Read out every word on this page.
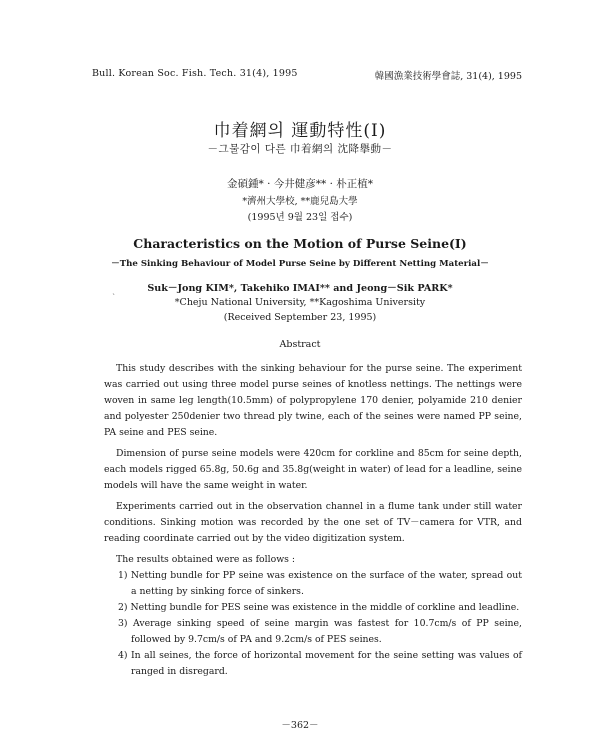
Bull. Korean Soc. Fish. Tech. 31(4), 1995	韓國漁業技術學會誌, 31(4), 1995
巾着網의 運動特性(Ⅰ)
－그물감이 다른 巾着網의 沈降擧動－
金碩鍾* · 今井健彦** · 朴正植*
*濟州大學校, **鹿兒島大學
(1995년 9월 23일 접수)
Characteristics on the Motion of Purse Seine(Ⅰ)
－The Sinking Behaviour of Model Purse Seine by Different Netting Material－
`
Suk－Jong KIM*, Takehiko IMAI** and Jeong－Sik PARK*
*Cheju National University, **Kagoshima University
(Received September 23, 1995)
Abstract

This study describes with the sinking behaviour for the purse seine. The experiment was carried out using three model purse seines of knotless nettings. The nettings were woven in same leg length(10.5mm) of polypropylene 170 denier, polyamide 210 denier and polyester 250denier two thread ply twine, each of the seines were named PP seine, PA seine and PES seine.

Dimension of purse seine models were 420cm for corkline and 85cm for seine depth, each models rigged 65.8g, 50.6g and 35.8g(weight in water) of lead for a leadline, seine models will have the same weight in water.

Experiments carried out in the observation channel in a flume tank under still water conditions. Sinking motion was recorded by the one set of TV－camera for VTR, and reading coordinate carried out by the video digitization system.

The results obtained were as follows :

1) Netting bundle for PP seine was existence on the surface of the water, spread out a netting by sinking force of sinkers.
2) Netting bundle for PES seine was existence in the middle of corkline and leadline.
3) Average sinking speed of seine margin was fastest for 10.7cm/s of PP seine, followed by 9.7cm/s of PA and 9.2cm/s of PES seines.
4) In all seines, the force of horizontal movement for the seine setting was values of ranged in disregard.
－362－
